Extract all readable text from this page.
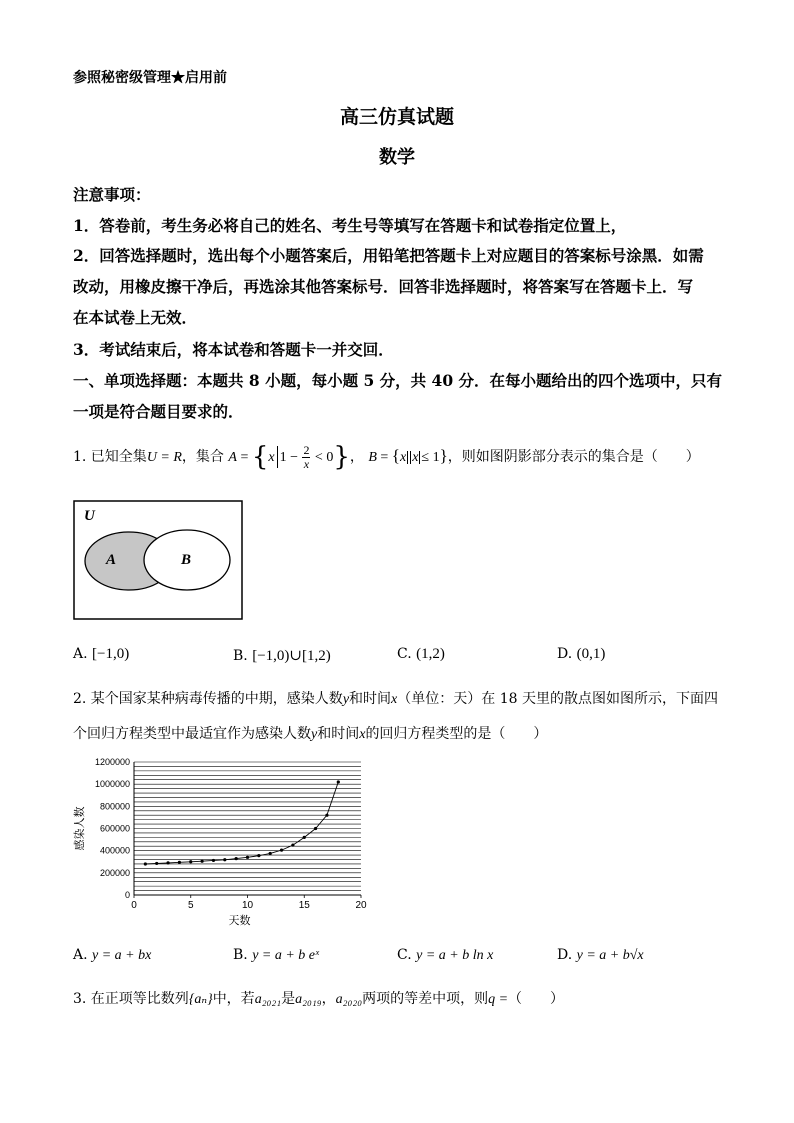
参照秘密级管理★启用前
高三仿真试题
数学
注意事项：
1．答卷前，考生务必将自己的姓名、考生号等填写在答题卡和试卷指定位置上，
2．回答选择题时，选出每个小题答案后，用铅笔把答题卡上对应题目的答案标号涂黑．如需
改动，用橡皮擦干净后，再选涂其他答案标号．回答非选择题时，将答案写在答题卡上．写
在本试卷上无效．
3．考试结束后，将本试卷和答题卡一并交回．
一、单项选择题：本题共 8 小题，每小题 5 分，共 40 分．在每小题给出的四个选项中，只有
一项是符合题目要求的．
1. 已知全集U = R，集合 A = {x $1 - \frac{2}{x} < 0$}， B = {x x ≤ 1}，则如图阴影部分表示的集合是（　　）
U
A	B
A. [−1,0)	B. [−1,0)∪[1,2)	C. (1,2)	D. (0,1)
2. 某个国家某种病毒传播的中期，感染人数y和时间x（单位：天）在 18 天里的散点图如图所示，下面四
个回归方程类型中最适宜作为感染人数y和时间x的回归方程类型的是（　　）
0
200000
400000
600000
800000
1000000
1200000
0	5	10	15	20
天数
感染人数
A. y = a + bx	B. y = a + b eˣ	C. y = a + b ln x	D. y = a + b√x
3. 在正项等比数列{aₙ}中，若a₂₀₂₁是a₂₀₁₉，a₂₀₂₀两项的等差中项，则q =（　　）
